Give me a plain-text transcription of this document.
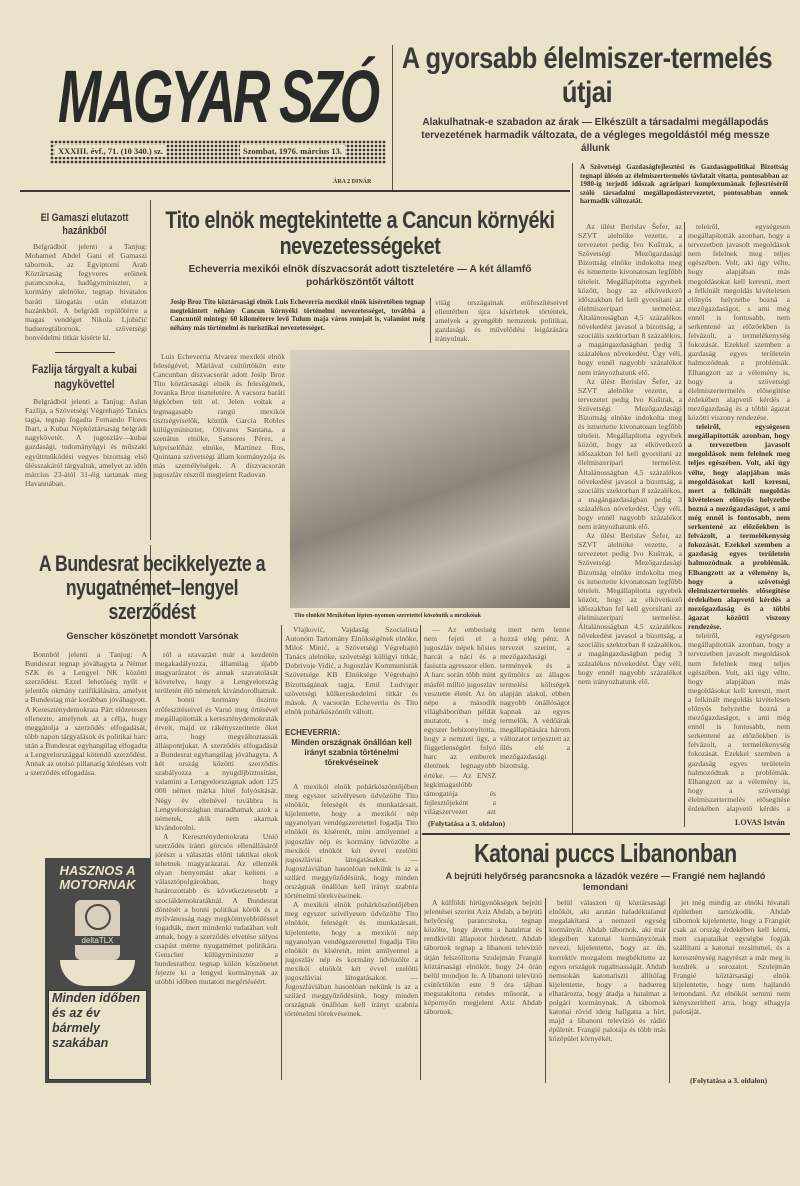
MAGYAR SZÓ
XXXIII. évf., 71. (10 340.) sz.	Szombat, 1976. március 13.
ÁRA 2 DINÁR
A gyorsabb élelmiszer-termelés útjai
Alakulhatnak-e szabadon az árak — Elkészült a társadalmi megállapodás tervezetének harmadik változata, de a végleges megoldástól még messze állunk
A Szövetségi Gazdaságfejlesztési és Gazdaságpolitikai Bizottság tegnapi ülésén az élelmiszertermelés távlatait vitatta, pontosabban az 1980-ig terjedő időszak agráripari komplexumának fejlesztéséről szóló társadalmi megállapodástervezetet, pontosabban ennek harmadik változatát.

Az ülést Berislav Šefer, az SZVT alelnöke vezette, a tervezetet pedig Ivo Kuštrak, a Szövetségi Mezőgazdasági Bizottság elnöke indokolta meg és ismertette kivonatosan legfőbb tételeit. Megállapította egyebek között, hogy az elkövetkező időszakban fel kell gyorsítani az élelmiszeripari termelést. Általánosságban 4,5 százalékos növekedést javasol a bizottság, a szociális szektorban 8 százalékos, a magángazdaságban pedig 3 százalékos növekedést. Úgy véli, hogy ennél nagyobb százalékot nem irányozhatunk elő.

Az ülést Berislav Šefer, az SZVT alelnöke vezette, a tervezetet pedig Ivo Kuštrak, a Szövetségi Mezőgazdasági Bizottság elnöke indokolta meg és ismertette kivonatosan legfőbb tételeit. Megállapította egyebek között, hogy az elkövetkező időszakban fel kell gyorsítani az élelmiszeripari termelést. Általánosságban 4,5 százalékos növekedést javasol a bizottság, a szociális szektorban 8 százalékos, a magángazdaságban pedig 3 százalékos növekedést. Úgy véli, hogy ennél nagyobb százalékot nem irányozhatunk elő.

Az ülést Berislav Šefer, az SZVT alelnöke vezette, a tervezetet pedig Ivo Kuštrak, a Szövetségi Mezőgazdasági Bizottság elnöke indokolta meg és ismertette kivonatosan legfőbb tételeit. Megállapította egyebek között, hogy az elkövetkező időszakban fel kell gyorsítani az élelmiszeripari termelést. Általánosságban 4,5 százalékos növekedést javasol a bizottság, a szociális szektorban 8 százalékos, a magángazdaságban pedig 3 százalékos növekedést. Úgy véli, hogy ennél nagyobb százalékot nem irányozhatunk elő.

teleiről, egységesen megállapították azonban, hogy a tervezetben javasolt megoldások nem felelnek meg teljes egészében. Volt, aki úgy vélte, hogy alapjában más megoldásokat kell keresni, mert a felkínált megoldás kivételesen előnyös helyzetbe hozná a mezőgazdaságot, s ami még ennél is fontosabb, nem serkentené az előzőekben is felvázolt, a termelékenység fokozását. Ezekkel szemben a gazdaság egyes területein halmozódnak a problémák. Elhangzott az a vélemény is, hogy a szövetségi élelmiszertermelés elősegítése érdekében alapvető kérdés a mezőgazdaság és a többi ágazat közötti viszony rendezése.

teleiről, egységesen megállapították azonban, hogy a tervezetben javasolt megoldások nem felelnek meg teljes egészében. Volt, aki úgy vélte, hogy alapjában más megoldásokat kell keresni, mert a felkínált megoldás kivételesen előnyös helyzetbe hozná a mezőgazdaságot, s ami még ennél is fontosabb, nem serkentené az előzőekben is felvázolt, a termelékenység fokozását. Ezekkel szemben a gazdaság egyes területein halmozódnak a problémák. Elhangzott az a vélemény is, hogy a szövetségi élelmiszertermelés elősegítése érdekében alapvető kérdés a mezőgazdaság és a többi ágazat közötti viszony rendezése.

teleiről, egységesen megállapították azonban, hogy a tervezetben javasolt megoldások nem felelnek meg teljes egészében. Volt, aki úgy vélte, hogy alapjában más megoldásokat kell keresni, mert a felkínált megoldás kivételesen előnyös helyzetbe hozná a mezőgazdaságot, s ami még ennél is fontosabb, nem serkentené az előzőekben is felvázolt, a termelékenység fokozását. Ezekkel szemben a gazdaság egyes területein halmozódnak a problémák. Elhangzott az a vélemény is, hogy a szövetségi élelmiszertermelés elősegítése érdekében alapvető kérdés a

LOVAS István
El Gamaszi elutazott hazánkból

Belgrádból jelenti a Tanjug: Mohamed Abdel Gani el Gamaszi tábornok, az Egyiptomi Arab Köztársaság fegyveres erőinek parancsnoka, hadügyminiszter, a kormány alelnöke, tegnap hivatalos baráti látogatás után elutazott hazánkból. A belgrádi repülőtérre a magas vendéget Nikola Ljubičić hadseregtábornok, szövetségi honvédelmi titkár kísérte ki.

Fazlija tárgyalt a kubai nagykövettel

Belgrádból jelenti a Tanjug: Aslan Fazlija, a Szövetségi Végrehajtó Tanács tagja, tegnap fogadta Fernando Flores Ibart, a Kubai Népköztársaság belgrádi nagykövetét. A jugoszláv—kubai gazdasági, tudományügyi és műszaki együttműködési vegyes bizottság első ülésszakáról tárgyaltak, amelyet az idén március 23-ától 31-éig tartanak meg Havannában.

Tito elnök megtekintette a Cancun környéki nevezetességeket
Echeverria mexikói elnök díszvacsorát adott tiszteletére — A két államfő pohárköszöntőt váltott
Josip Broz Tito köztársasági elnök Luis Echeverria mexikói elnök kíséretében tegnap megtekintett néhány Cancun környéki történelmi nevezetességet, továbbá a Cancuntól mintegy 60 kilométerre levő Tulum maja város romjait is, valamint még néhány más történelmi és turisztikai nevezetességet.
világ országainak erőfeszítéseivel ellentétben újra kísérletek történtek, amelyek a gyengébb nemzetek politikai, gazdasági és művelődési leigázására irányulnak.

Luis Echeverria Alvarez mexikói elnök feleségével, Máriával csütörtökön este Cancunban díszvacsorát adott Josip Broz Tito köztársasági elnök és feleségének, Jovanka Broz tiszteletére. A vacsora baráti légkörben telt el. Jelen voltak a legmagasabb rangú mexikói tisztségviselők, köztük García Robles külügyminiszter, Olivares Santana, a szenátus elnöke, Sansores Pérez, a képviselőház elnöke, Martínez Ros, Quintana szövetségi állam kormányzója és más személyiségek. A díszvacsorán jugoszláv részről megjelent Radovan

Tito elnököt Mexikóban lépten-nyomon szeretettel köszöntik a mexikóiak
A Bundesrat becikkelyezte a nyugatnémet–lengyel szerződést
Genscher köszönetet mondott Varsónak

Bonnból jelenti a Tanjug: A Bundesrat tegnap jóváhagyta a Német SZK és a Lengyel NK közötti szerződést. Ezzel lehetőség nyílt e jelentős okmány ratifikálására, amelyet a Bundestag már korábban jóváhagyott. A Kereszténydemokrata Párt előzetesen ellenezte, amelynek az a célja, hogy meggátolja a szerződés elfogadását, több napon tárgyalások és politikai harc után a Bundesrat egyhangúlag elfogadta a Lengyelországgal kötendő szerződést. Annak az utolsó pillanatig kérdéses volt a szerződés elfogadása.

ról a szavazást már a kezdetén megakadályozza, államilag újabb magyarázatot és annak szavatolását követelve, hogy a Lengyelország területén élő németek kivándorolhatnak. A bonni kormány őszinte erőfeszítéseivel és Varsó meg értésével megállapították a kereszténydemokraták érveit, majd ez rákényszerítette őket arra, hogy megváltoztassák álláspontjukat. A szerződés elfogadását a Bundesrat egyhangúlag jóváhagyta. A két ország közötti szerződés szabályozza a nyugdíjbiztosítást, valamint a Lengyelországnak adott 125 000 német márka hitel folyósítását. Négy év elteltével továbbra is Lengyelországban maradhatnak azok a németek, akik nem akarnak kivándorolni.

A Kereszténydemokrata Unió szerződés iránti görcsös ellenállásáról jórészt a választás előtti taktikai okok lehetnek magyarázatai. Az ellenzék olyan benyomást akar kelteni a választópolgárokban, hogy határozottabb és következetesebb a szociáldemokratáknál. A Bundesrat döntését a bonni politikai körök és a nyilvánosság nagy megkönnyebbüléssel fogadták, mert mindenki tudatában volt annak, hogy a szerződés elvetése súlyos csapást mérne nyugatnémet politikára. Genscher külügyminiszter a bundesrathoz tegnap külön köszönetet fejezte ki a lengyel kormánynak az utóbbi időben mutatott megértéséért.

Vlajković, Vajdaság Szocialista Autonóm Tartomány Elnökségének elnöke, Miloš Minić, a Szövetségi Végrehajtó Tanács alelnöke, szövetségi külügyi titkár, Dobrivoje Vidić, a Jugoszláv Kommunisták Szövetsége KB Elnöksége Végrehajtó Bizottságának tagja, Emil Ludviger szövetségi külkereskedelmi titkár és mások. A vacsorán Echeverria és Tito elnök pohárköszöntőt váltott.

ECHEVERRIA:
Minden országnak önállóan kell irányt szabnia történelmi törekvéseinek

A mexikói elnök pohárköszöntőjében meg egyszer szívélyesen üdvözölte Tito elnököt, feleségét és munkatársait, kijelentette, hogy a mexikói nép ugyanolyan vendégszeretettel fogadja Tito elnököt és kíséretét, mint amilyennel a jugoszláv nép és kormány üdvözölte a mexikói elnököt két évvel ezelőtti jugoszláviai látogatásakor. — Jugoszláviában hasonlóan nekünk is az a szilárd meggyőződésünk, hogy minden országnak önállóan kell irányt szabnia történelmi törekvéseinek.

A mexikói elnök pohárköszöntőjében meg egyszer szívélyesen üdvözölte Tito elnököt, feleségét és munkatársait, kijelentette, hogy a mexikói nép ugyanolyan vendégszeretettel fogadja Tito elnököt és kíséretét, mint amilyennel a jugoszláv nép és kormány üdvözölte a mexikói elnököt két évvel ezelőtti jugoszláviai látogatásakor. — Jugoszláviában hasonlóan nekünk is az a szilárd meggyőződésünk, hogy minden országnak önállóan kell irányt szabnia történelmi törekvéseinek.

— Az emberiség nem fejeti el a jugoszláv népek hősies harcát a náci és a fasiszta agresszor ellen. A harc során több mint másfél millió jugoszláv vesztette életét. Az ön népe a második világháborúban példát mutatott, s még egyszer bebizonyította, hogy a nemzeti ügy, a függetlenségért folyó harc az emberek életének legnagyobb értéke. — Az ENSZ legkimagaslóbb támogatója és fejlesztőjeként a világszervezet azt

mert nem lenne hozzá elég pénz. A tervezet szerint, a mezőgazdasági termények és a gyümölcs az állagos termelési költségek alapján alakul, ebben nagyobb önállóságot kapnak az egyes termelők. A védőárak megállapítására három változatot terjesztett az ülés elé a mezőgazdasági bizottság.

(Folytatása a 3. oldalon)
Katonai puccs Libanonban
A bejrúti helyőrség parancsnoka a lázadók vezére — Frangié nem hajlandó lemondani

A külföldi hírügynökségek bejrúti jelentései szerint Aziz Ahdab, a bejrúti helyőrség parancsnoka, tegnap közölte, hogy átvette a hatalmat és rendkívüli állapotot hirdetett. Ahdab tábornok tegnap a libanoni televízió útján felszólította Szulejmán Frangié köztársasági elnököt, hogy 24 órán belül mondjon le. A libanoni televízió csütörtökön este 9 óra tájban megszakította rendes műsorát, a képernyőn megjelent Aziz Ahdab tábornok.

belül válaszon új köztársasági elnököt, aki azután haladéktalanul megalakítaná a nemzeti egység kormányát. Ahdab tábornok, aki már idegeiben katonai kormányzónak nevezi, kijelentette, hogy az ún. korrektív mozgalom megbékítette az egyes országok rugalmasságát. Ahdab nemsokán katonatiszti állítólag kijelentette, hogy a hadsereg elhatározta, hogy átadja a hatalmat a polgári kormánynak. A tábornok katonai rövid ideig hallgatta a hírt, majd a libanoni televízió és rádió épületét. Frangié palotája és több más középület környékét.

jet még mindig az elnöki hivatali épületben tartózkodik. Ahdab tábornok kijelentette, hogy a Frangiét csak az ország érdekében kell kérni, mert csapataikat egységbe fogják szállítani a katonai rezsimmel, és a kereszténység nagyrészt a már meg is kezdték a sorozatot. Szulejmán Frangié köztársasági elnök kijelentette, hogy nem hajlandó lemondani. Az elnököt semmi nem kényszerítheti arra, hogy elhagyja palotáját.

(Folytatása a 3. oldalon)
HASZNOS A MOTORNAK
deltaTLX
Minden időben és az év bármely szakában
